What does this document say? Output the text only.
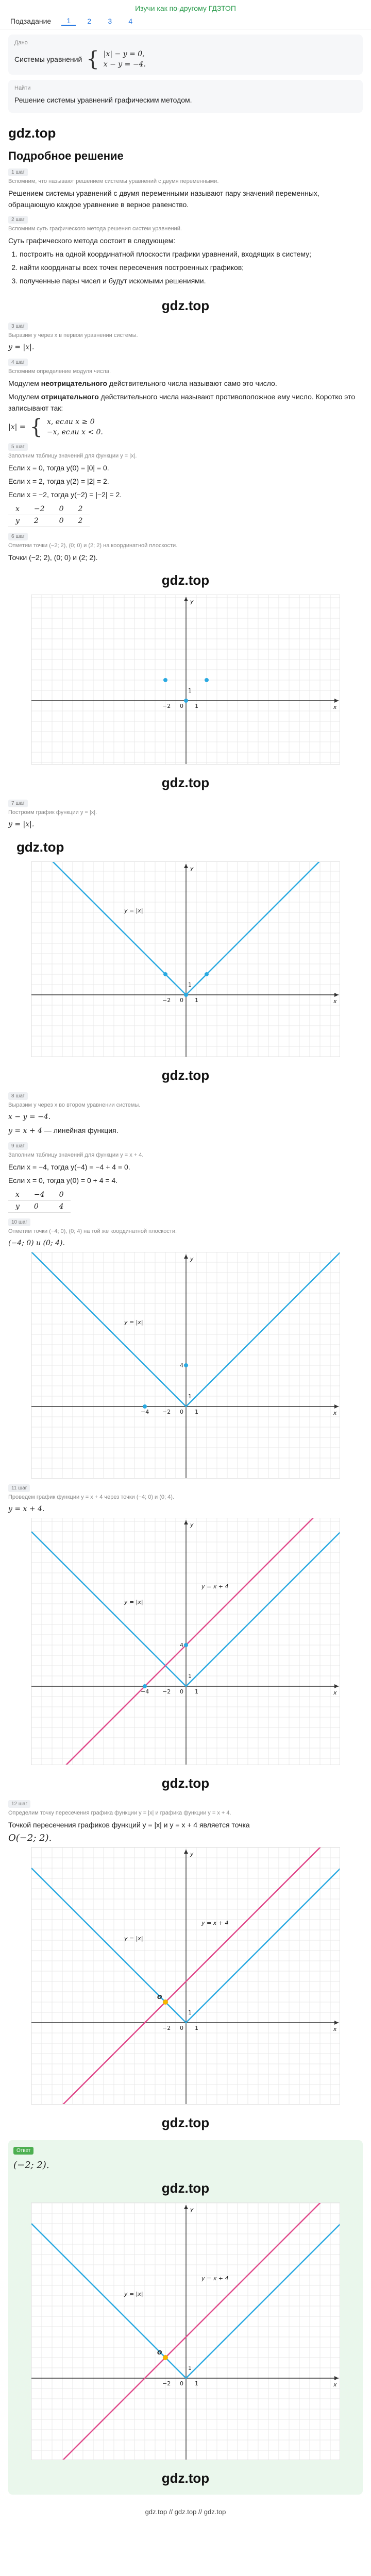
Изучи как по-другому ГДЗТОП
Подзадание	1	2	3	4
Дано
Системы уравнений { |x| − y = 0,
x − y = −4.
Найти
Решение системы уравнений графическим методом.
gdz.top
Подробное решение
1 шаг
Вспомним, что называют решением системы уравнений с двумя переменными.
Решением системы уравнений с двумя переменными называют пару значений переменных, обращающую каждое уравнение в верное равенство.
2 шаг
Вспомним суть графического метода решения систем уравнений.
Суть графического метода состоит в следующем:
1. построить на одной координатной плоскости графики уравнений, входящих в систему;
2. найти координаты всех точек пересечения построенных графиков;
3. полученные пары чисел и будут искомыми решениями.
gdz.top
3 шаг
Выразим у через х в первом уравнении системы.
y = |x|.
4 шаг
Вспомним определение модуля числа.
Модулем неотрицательного действительного числа называют само это число.
Модулем отрицательного действительного числа называют противоположное ему число. Коротко это записывают так:
|x| = { x, если x ≥ 0
−x, если x < 0.
5 шаг
Заполним таблицу значений для функции y = |x|.
Если x = 0, тогда y(0) = |0| = 0.
Если x = 2, тогда y(2) = |2| = 2.
Если x = −2, тогда y(−2) = |−2| = 2.
x	−2	0	2
y	2	0	2
6 шаг
Отметим точки (−2; 2), (0; 0) и (2; 2) на координатной плоскости.
Точки (−2; 2), (0; 0) и (2; 2).
gdz.top
x
y
0 1
1
−2
gdz.top
7 шаг
Построим график функции y = |x|.
y = |x|.
gdz.top
x
y
0 1
1
−2
y = |x|
gdz.top
8 шаг
Выразим у через х во втором уравнении системы.
x − y = −4.
y = x + 4 — линейная функция.
9 шаг
Заполним таблицу значений для функции y = x + 4.
Если x = −4, тогда y(−4) = −4 + 4 = 0.
Если x = 0, тогда y(0) = 0 + 4 = 4.
x	−4	0
y	0	4
10 шаг
Отметим точки (−4; 0), (0; 4) на той же координатной плоскости.
(−4; 0) и (0; 4).
x
y
0 1
1
−2
y = |x|
−4
4
11 шаг
Проведем график функции y = x + 4 через точки (−4; 0) и (0; 4).
y = x + 4.
x
y
0 1
1
−2
y = |x|
y = x + 4
−4
4
gdz.top
12 шаг
Определим точку пересечения графика функции y = |x| и графика функции y = x + 4.
Точкой пересечения графиков функций y = |x| и y = x + 4 является точка
O(−2; 2).
x
y
0 1
1
−2
y = |x|
y = x + 4
O
gdz.top
Ответ
(−2; 2).
gdz.top
x
y
0 1
1
−2
y = |x|
y = x + 4
O
gdz.top
gdz.top // gdz.top // gdz.top
